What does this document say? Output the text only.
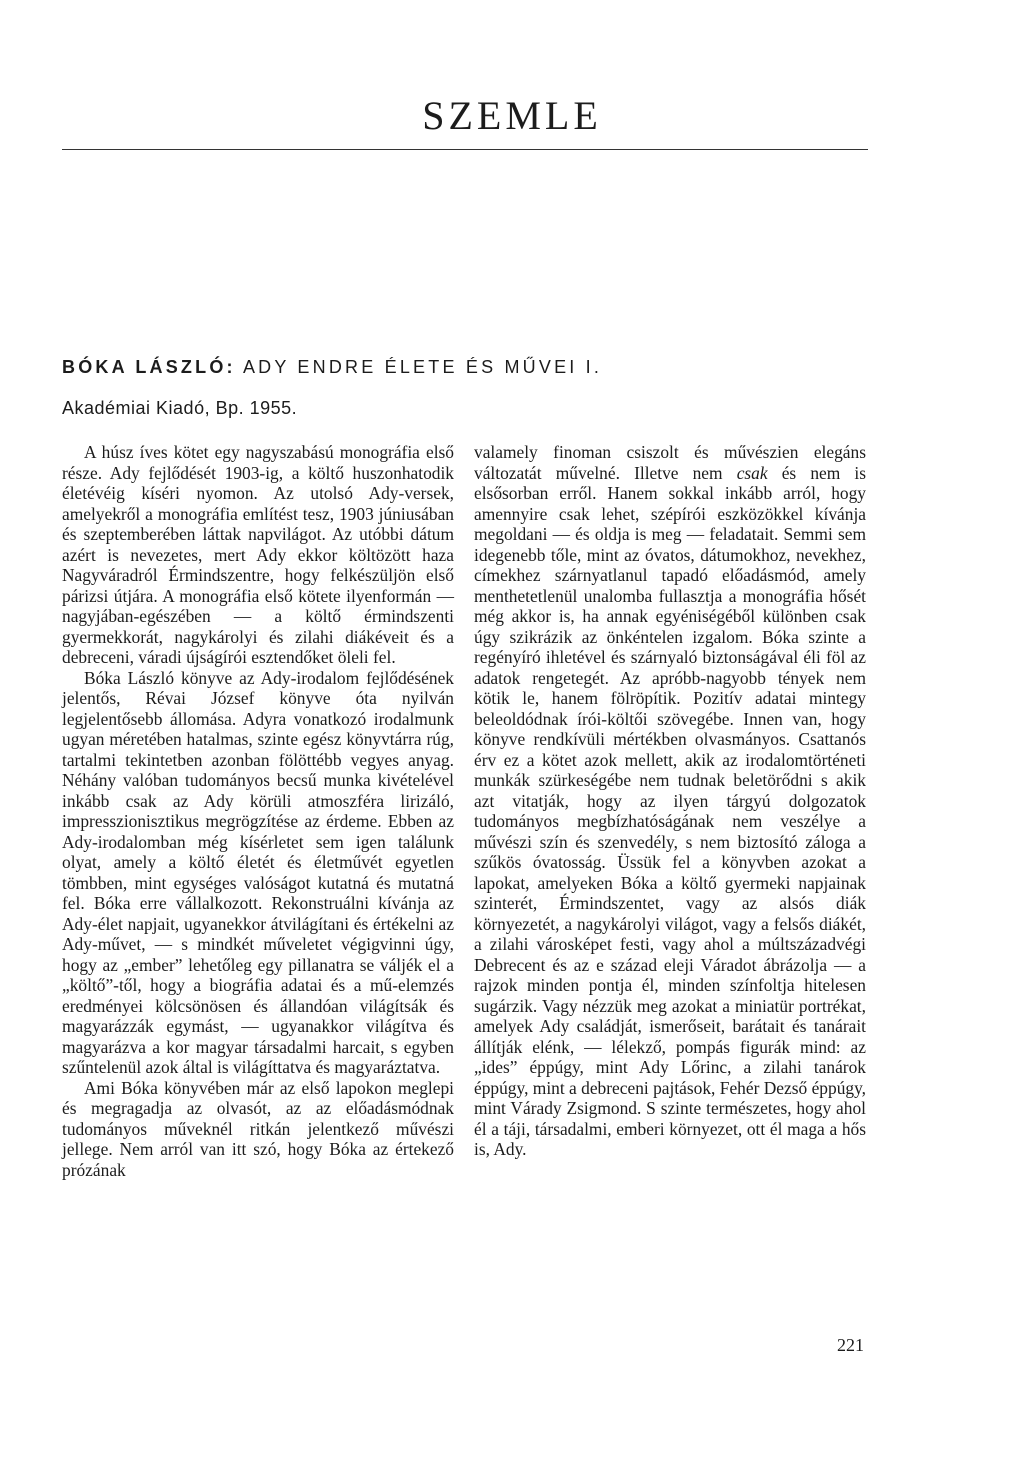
SZEMLE
BÓKA LÁSZLÓ: ADY ENDRE ÉLETE ÉS MŰVEI I.
Akadémiai Kiadó, Bp. 1955.

A húsz íves kötet egy nagyszabású monográfia első része. Ady fejlődését 1903-ig, a költő huszonhatodik életévéig kíséri nyomon. Az utolsó Ady-versek, amelyekről a monográfia említést tesz, 1903 júniusában és szeptemberében láttak napvilágot. Az utóbbi dátum azért is nevezetes, mert Ady ekkor költözött haza Nagyváradról Érmindszentre, hogy felkészüljön első párizsi útjára. A monográfia első kötete ilyenformán — nagyjában-egészében — a költő érmindszenti gyermekkorát, nagykárolyi és zilahi diákéveit és a debreceni, váradi újságírói esztendőket öleli fel.

Bóka László könyve az Ady-irodalom fejlődésének jelentős, Révai József könyve óta nyilván legjelentősebb állomása. Adyra vonatkozó irodalmunk ugyan méretében hatalmas, szinte egész könyvtárra rúg, tartalmi tekintetben azonban fölöttébb vegyes anyag. Néhány valóban tudományos becsű munka kivételével inkább csak az Ady körüli atmoszféra lirizáló, impresszionisztikus megrögzítése az érdeme. Ebben az Ady-irodalomban még kísérletet sem igen találunk olyat, amely a költő életét és életművét egyetlen tömbben, mint egységes valóságot kutatná és mutatná fel. Bóka erre vállalkozott. Rekonstruálni kívánja az Ady-élet napjait, ugyanekkor átvilágítani és értékelni az Ady-művet, — s mindkét műveletet végigvinni úgy, hogy az „ember” lehetőleg egy pillanatra se váljék el a „költő”-től, hogy a biográfia adatai és a mű-elemzés eredményei kölcsönösen és állandóan világítsák és magyarázzák egymást, — ugyanakkor világítva és magyarázva a kor magyar társadalmi harcait, s egyben szűntelenül azok által is világíttatva és magyaráztatva.

Ami Bóka könyvében már az első lapokon meglepi és megragadja az olvasót, az az előadásmódnak tudományos műveknél ritkán jelentkező művészi jellege. Nem arról van itt szó, hogy Bóka az értekező prózának

valamely finoman csiszolt és művészien elegáns változatát művelné. Illetve nem csak és nem is elsősorban erről. Hanem sokkal inkább arról, hogy amennyire csak lehet, szépírói eszközökkel kívánja megoldani — és oldja is meg — feladatait. Semmi sem idegenebb tőle, mint az óvatos, dátumokhoz, nevekhez, címekhez szárnyatlanul tapadó előadásmód, amely menthetetlenül unalomba fullasztja a monográfia hősét még akkor is, ha annak egyéniségéből különben csak úgy szikrázik az önkéntelen izgalom. Bóka szinte a regényíró ihletével és szárnyaló biztonságával éli föl az adatok rengetegét. Az apróbb-nagyobb tények nem kötik le, hanem fölröpítik. Pozitív adatai mintegy beleoldódnak írói-költői szövegébe. Innen van, hogy könyve rendkívüli mértékben olvasmányos. Csattanós érv ez a kötet azok mellett, akik az irodalomtörténeti munkák szürkeségébe nem tudnak beletörődni s akik azt vitatják, hogy az ilyen tárgyú dolgozatok tudományos megbízhatóságának nem veszélye a művészi szín és szenvedély, s nem biztosító záloga a szűkös óvatosság. Üssük fel a könyvben azokat a lapokat, amelyeken Bóka a költő gyermeki napjainak szinterét, Érmindszentet, vagy az alsós diák környezetét, a nagykárolyi világot, vagy a felsős diákét, a zilahi városképet festi, vagy ahol a múltszázadvégi Debrecent és az e század eleji Váradot ábrázolja — a rajzok minden pontja él, minden színfoltja hitelesen sugárzik. Vagy nézzük meg azokat a miniatür portrékat, amelyek Ady családját, ismerőseit, barátait és tanárait állítják elénk, — lélekző, pompás figurák mind: az „ides” éppúgy, mint Ady Lőrinc, a zilahi tanárok éppúgy, mint a debreceni pajtások, Fehér Dezső éppúgy, mint Várady Zsigmond. S szinte természetes, hogy ahol él a táji, társadalmi, emberi környezet, ott él maga a hős is, Ady.

221
